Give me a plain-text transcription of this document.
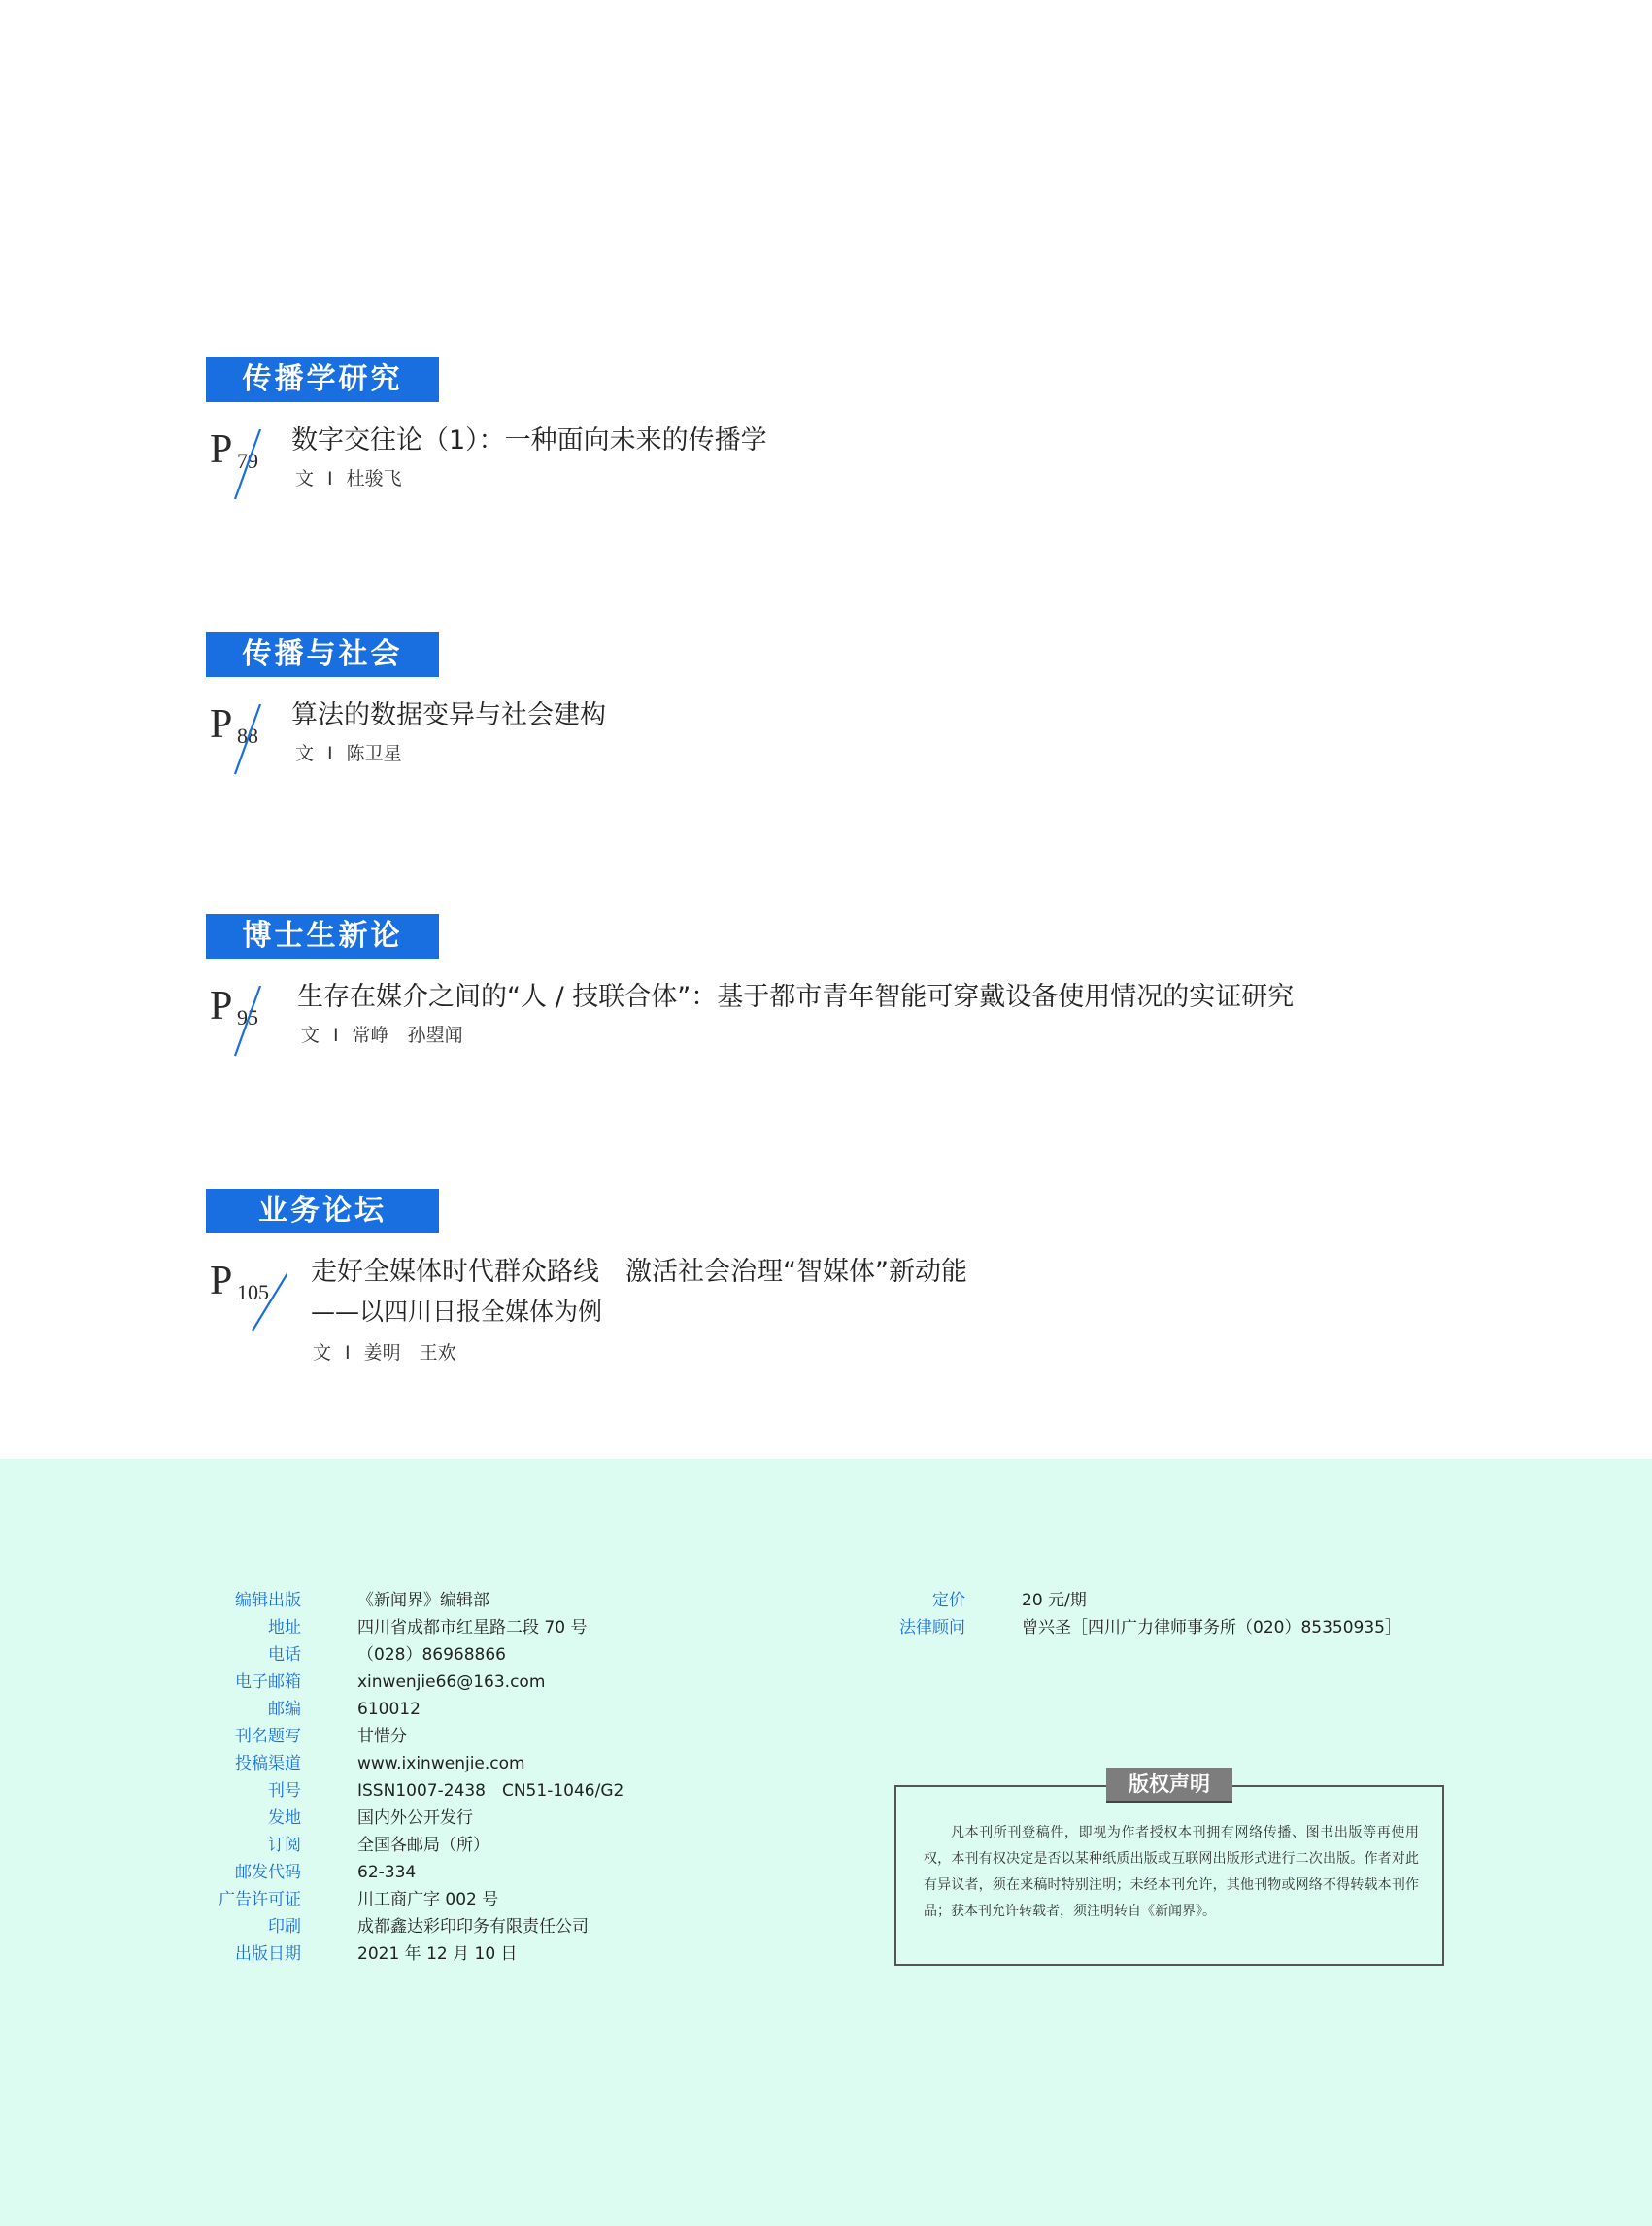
传播学研究
P 79
数字交往论（1）：一种面向未来的传播学
文 I 杜骏飞
传播与社会
P 88
算法的数据变异与社会建构
文 I 陈卫星
博士生新论
P 95
生存在媒介之间的“人 / 技联合体”：基于都市青年智能可穿戴设备使用情况的实证研究
文 I 常峥　孙曌闻
业务论坛
P 105
走好全媒体时代群众路线　激活社会治理“智媒体”新动能
——以四川日报全媒体为例
文 I 姜明　王欢
编辑出版	《新闻界》编辑部
地址	四川省成都市红星路二段 70 号
电话	（028）86968866
电子邮箱	xinwenjie66@163.com
邮编	610012
刊名题写	甘惜分
投稿渠道	www.ixinwenjie.com
刊号	ISSN1007-2438　CN51-1046/G2
发地	国内外公开发行
订阅	全国各邮局（所）
邮发代码	62-334
广告许可证	川工商广字 002 号
印刷	成都鑫达彩印印务有限责任公司
出版日期	2021 年 12 月 10 日
定价	20 元/期
法律顾问	曾兴圣［四川广力律师事务所（020）85350935］
版权声明
凡本刊所刊登稿件，即视为作者授权本刊拥有网络传播、图书出版等再使用权，本刊有权决定是否以某种纸质出版或互联网出版形式进行二次出版。作者对此有异议者，须在来稿时特别注明；未经本刊允许，其他刊物或网络不得转载本刊作品；获本刊允许转载者，须注明转自《新闻界》。
